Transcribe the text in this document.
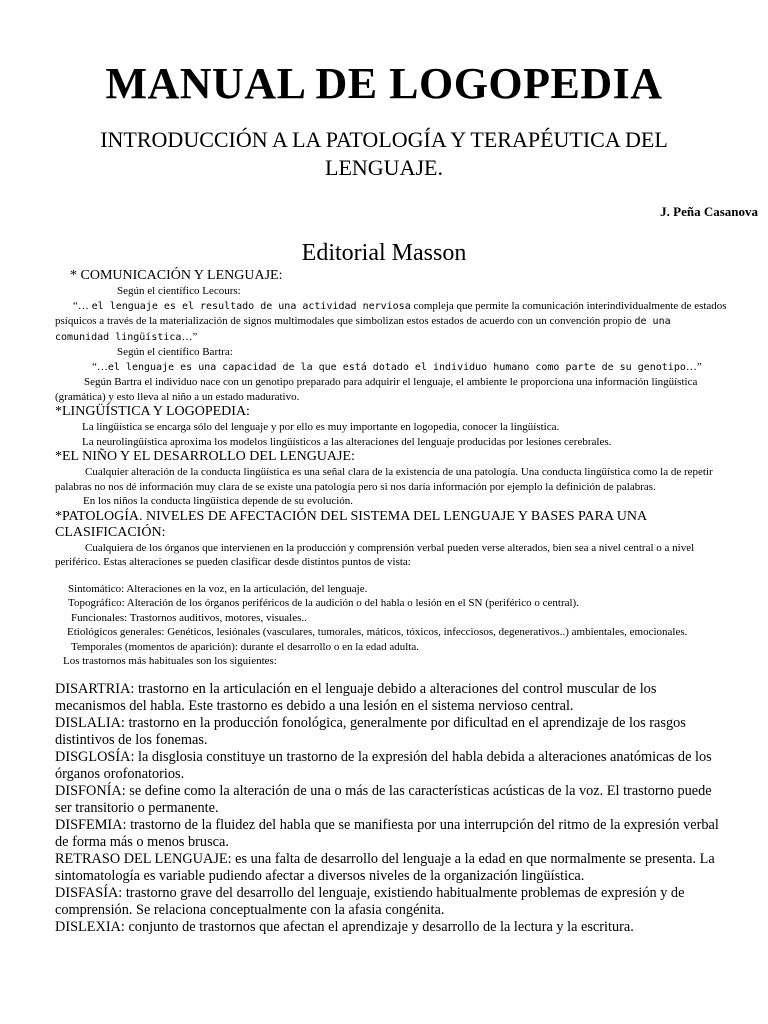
MANUAL DE LOGOPEDIA

INTRODUCCIÓN A LA PATOLOGÍA Y TERAPÉUTICA DEL LENGUAJE.

J. Peña Casanova

Editorial Masson

* COMUNICACIÓN Y LENGUAJE:

Según el científico Lecours:

“… el lenguaje es el resultado de una actividad nerviosa compleja que permite la comunicación interindividualmente de estados psíquicos a través de la materialización de signos multimodales que simbolizan estos estados de acuerdo con un convención propio de una comunidad lingüística…”

Según el científico Bartra:

“…el lenguaje es una capacidad de la que está dotado el individuo humano como parte de su genotipo…”

Según Bartra el individuo nace con un genotipo preparado para adquirir el lenguaje, el ambiente le proporciona una información lingüística (gramática) y esto lleva al niño a un estado madurativo.

*LINGÜÍSTICA Y LOGOPEDIA:

La lingüística se encarga sólo del lenguaje y por ello es muy importante en logopedia, conocer la lingüística.

La neurolingüística aproxima los modelos lingüísticos a las alteraciones del lenguaje producidas por lesiones cerebrales.

*EL NIÑO Y EL DESARROLLO DEL LENGUAJE:

Cualquier alteración de la conducta lingüística es una señal clara de la existencia de una patología. Una conducta lingüística como la de repetir palabras no nos dé información muy clara de se existe una patología pero si nos daría información por ejemplo la definición de palabras.

En los niños la conducta lingüística depende de su evolución.

*PATOLOGÍA. NIVELES DE AFECTACIÓN DEL SISTEMA DEL LENGUAJE Y BASES PARA UNA CLASIFICACIÓN:

Cualquiera de los órganos que intervienen en la producción y comprensión verbal pueden verse alterados, bien sea a nivel central o a nivel periférico. Estas alteraciones se pueden clasificar desde distintos puntos de vista:

Sintomático: Alteraciones en la voz, en la articulación, del lenguaje.

Topográfico: Alteración de los órganos periféricos de la audición o del habla o lesión en el SN (periférico o central).

Funcionales: Trastornos auditivos, motores, visuales..

Etiológicos generales: Genéticos, lesiónales (vasculares, tumorales, máticos, tóxicos, infecciosos, degenerativos..) ambientales, emocionales.

Temporales (momentos de aparición): durante el desarrollo o en la edad adulta.

Los trastornos más habituales son los siguientes:

DISARTRIA: trastorno en la articulación en el lenguaje debido a alteraciones del control muscular de los mecanismos del habla. Este trastorno es debido a una lesión en el sistema nervioso central.

DISLALIA: trastorno en la producción fonológica, generalmente por dificultad en el aprendizaje de los rasgos distintivos de los fonemas.

DISGLOSÍA: la disglosia constituye un trastorno de la expresión del habla debida a alteraciones anatómicas de los órganos orofonatorios.

DISFONÍA: se define como la alteración de una o más de las características acústicas de la voz. El trastorno puede ser transitorio o permanente.

DISFEMIA: trastorno de la fluidez del habla que se manifiesta por una interrupción del ritmo de la expresión verbal de forma más o menos brusca.

RETRASO DEL LENGUAJE: es una falta de desarrollo del lenguaje a la edad en que normalmente se presenta. La sintomatología es variable pudiendo afectar a diversos niveles de la organización lingüística.

DISFASÍA: trastorno grave del desarrollo del lenguaje, existiendo habitualmente problemas de expresión y de comprensión. Se relaciona conceptualmente con la afasia congénita.

DISLEXIA: conjunto de trastornos que afectan el aprendizaje y desarrollo de la lectura y la escritura.
